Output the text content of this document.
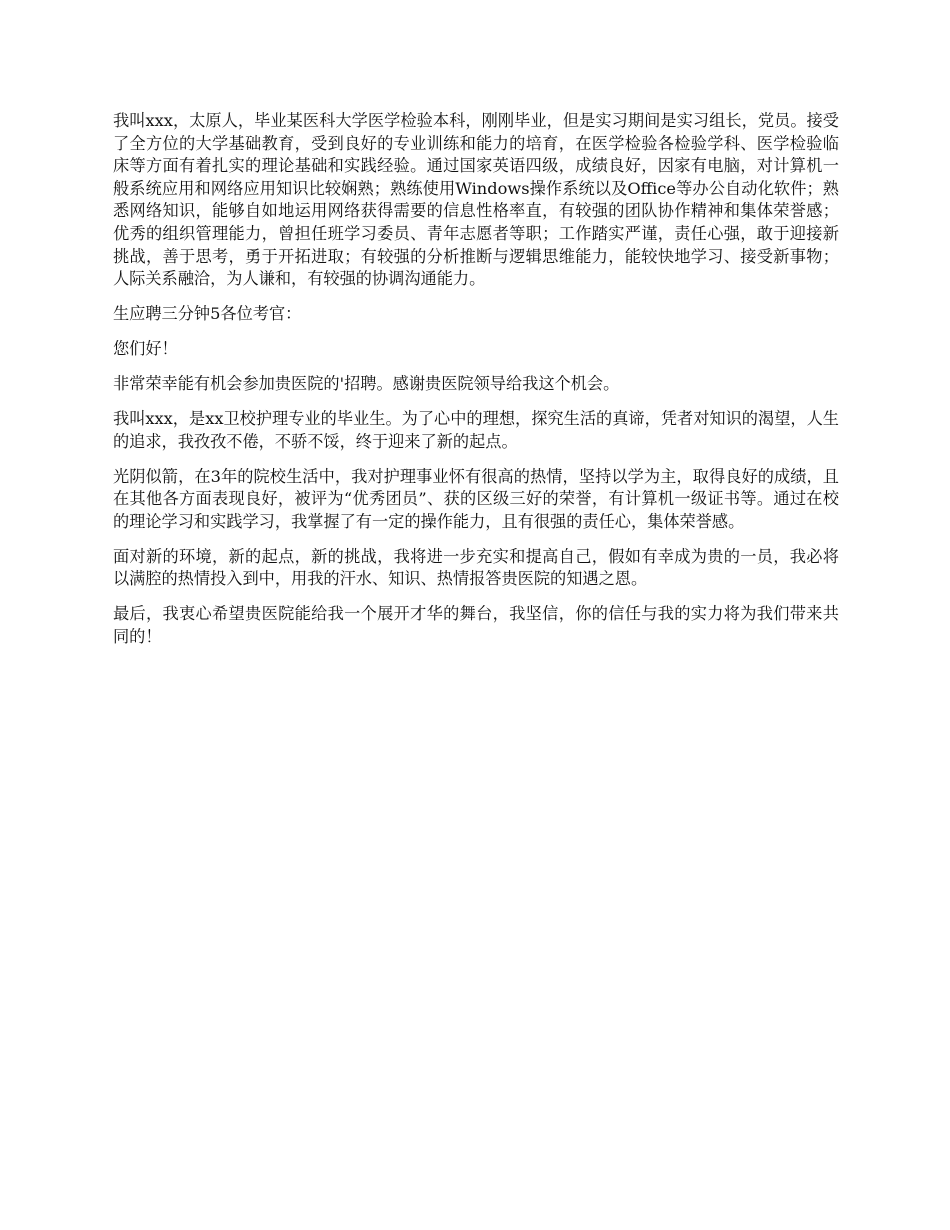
我叫xxx，太原人，毕业某医科大学医学检验本科，刚刚毕业，但是实习期间是实习组长，党员。接受了全方位的大学基础教育，受到良好的专业训练和能力的培育，在医学检验各检验学科、医学检验临床等方面有着扎实的理论基础和实践经验。通过国家英语四级，成绩良好，因家有电脑，对计算机一般系统应用和网络应用知识比较娴熟；熟练使用Windows操作系统以及Office等办公自动化软件；熟悉网络知识，能够自如地运用网络获得需要的信息性格率直，有较强的团队协作精神和集体荣誉感；优秀的组织管理能力，曾担任班学习委员、青年志愿者等职；工作踏实严谨，责任心强，敢于迎接新挑战，善于思考，勇于开拓进取；有较强的分析推断与逻辑思维能力，能较快地学习、接受新事物；人际关系融洽，为人谦和，有较强的协调沟通能力。

生应聘三分钟5各位考官：

您们好！

非常荣幸能有机会参加贵医院的'招聘。感谢贵医院领导给我这个机会。

我叫xxx，是xx卫校护理专业的毕业生。为了心中的理想，探究生活的真谛，凭者对知识的渴望，人生的追求，我孜孜不倦，不骄不馁，终于迎来了新的起点。

光阴似箭，在3年的院校生活中，我对护理事业怀有很高的热情，坚持以学为主，取得良好的成绩，且在其他各方面表现良好，被评为“优秀团员”、获的区级三好的荣誉，有计算机一级证书等。通过在校的理论学习和实践学习，我掌握了有一定的操作能力，且有很强的责任心，集体荣誉感。

面对新的环境，新的起点，新的挑战，我将进一步充实和提高自己，假如有幸成为贵的一员，我必将以满腔的热情投入到中，用我的汗水、知识、热情报答贵医院的知遇之恩。

最后，我衷心希望贵医院能给我一个展开才华的舞台，我坚信，你的信任与我的实力将为我们带来共同的！
